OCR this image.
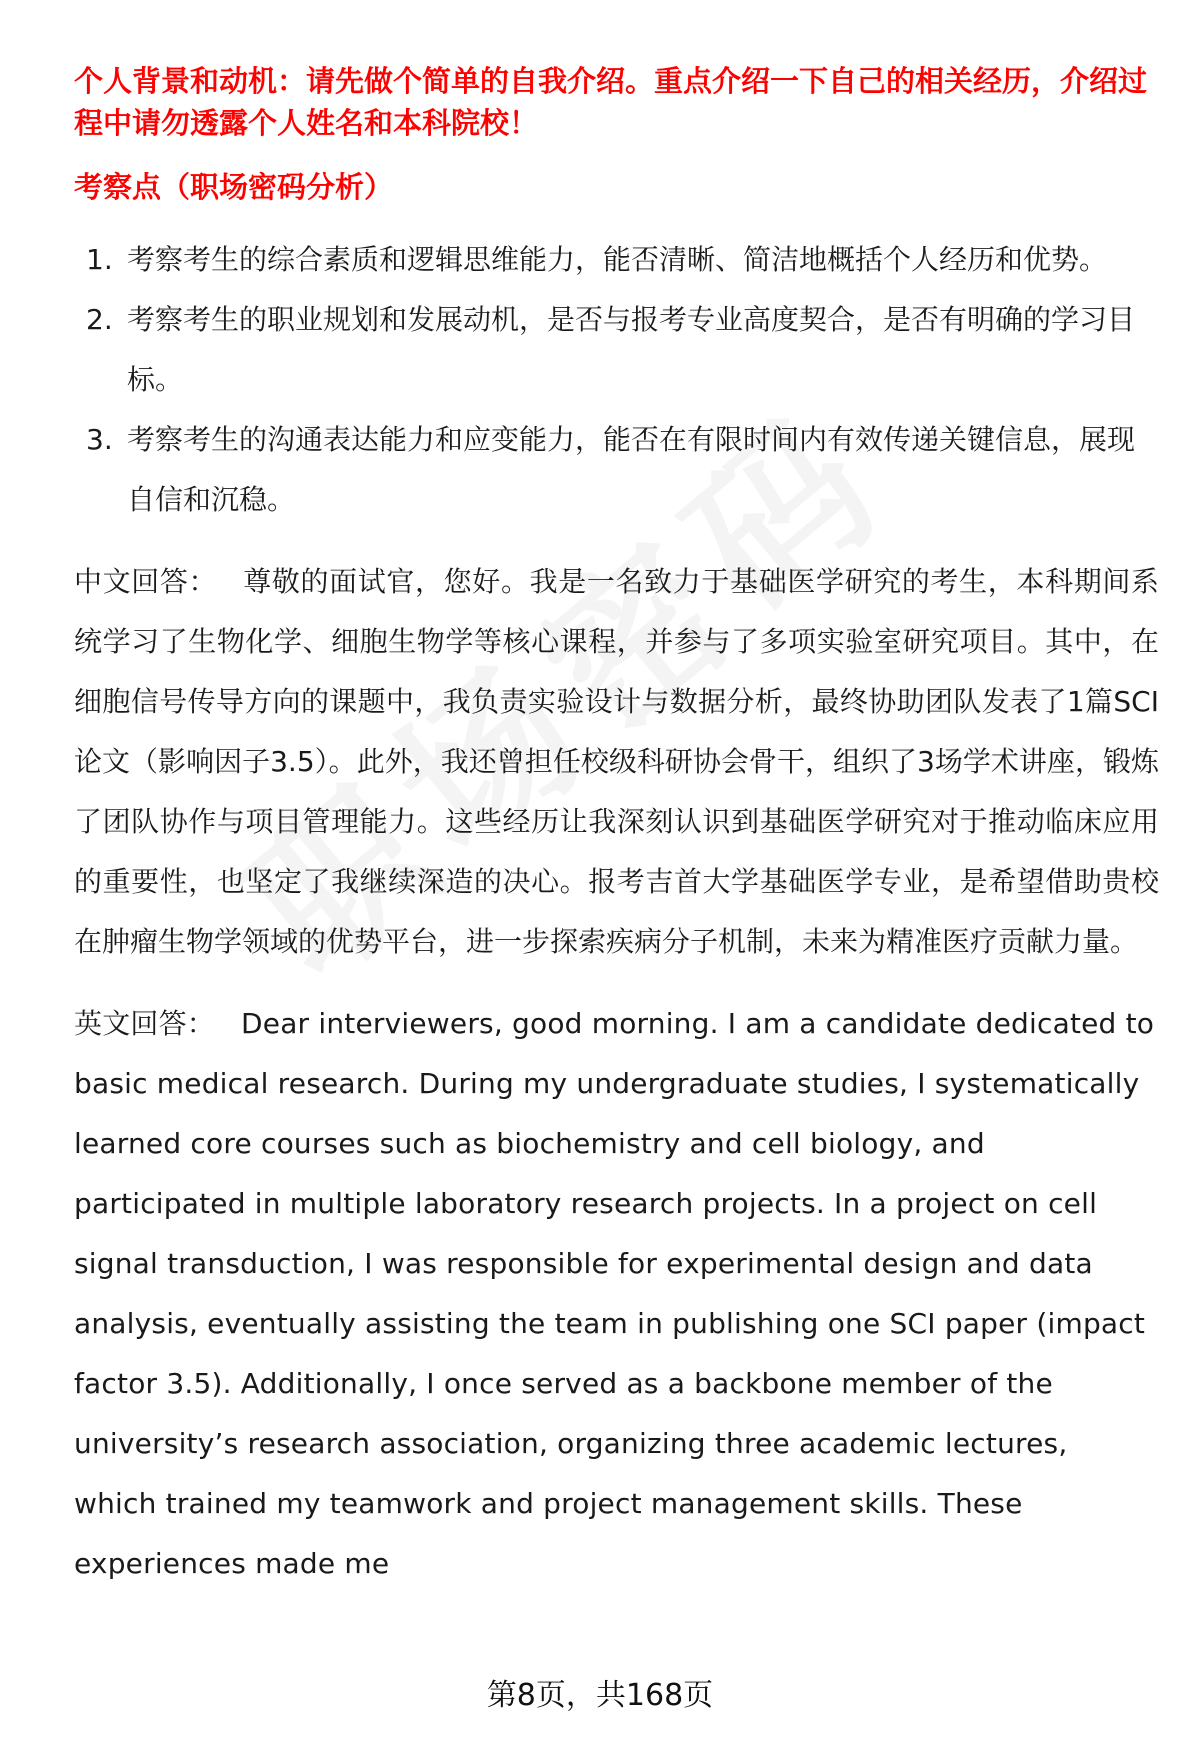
个人背景和动机：请先做个简单的自我介绍。重点介绍一下自己的相关经历，介绍过程中请勿透露个人姓名和本科院校！

考察点（职场密码分析）

1. 考察考生的综合素质和逻辑思维能力，能否清晰、简洁地概括个人经历和优势。
2. 考察考生的职业规划和发展动机，是否与报考专业高度契合，是否有明确的学习目标。
3. 考察考生的沟通表达能力和应变能力，能否在有限时间内有效传递关键信息，展现自信和沉稳。

中文回答： 尊敬的面试官，您好。我是一名致力于基础医学研究的考生，本科期间系统学习了生物化学、细胞生物学等核心课程，并参与了多项实验室研究项目。其中，在细胞信号传导方向的课题中，我负责实验设计与数据分析，最终协助团队发表了1篇SCI论文（影响因子3.5）。此外，我还曾担任校级科研协会骨干，组织了3场学术讲座，锻炼了团队协作与项目管理能力。这些经历让我深刻认识到基础医学研究对于推动临床应用的重要性，也坚定了我继续深造的决心。报考吉首大学基础医学专业，是希望借助贵校在肿瘤生物学领域的优势平台，进一步探索疾病分子机制，未来为精准医疗贡献力量。

英文回答： Dear interviewers, good morning. I am a candidate dedicated to basic medical research. During my undergraduate studies, I systematically learned core courses such as biochemistry and cell biology, and participated in multiple laboratory research projects. In a project on cell signal transduction, I was responsible for experimental design and data analysis, eventually assisting the team in publishing one SCI paper (impact factor 3.5). Additionally, I once served as a backbone member of the university’s research association, organizing three academic lectures, which trained my teamwork and project management skills. These experiences made me

第8页，共168页
